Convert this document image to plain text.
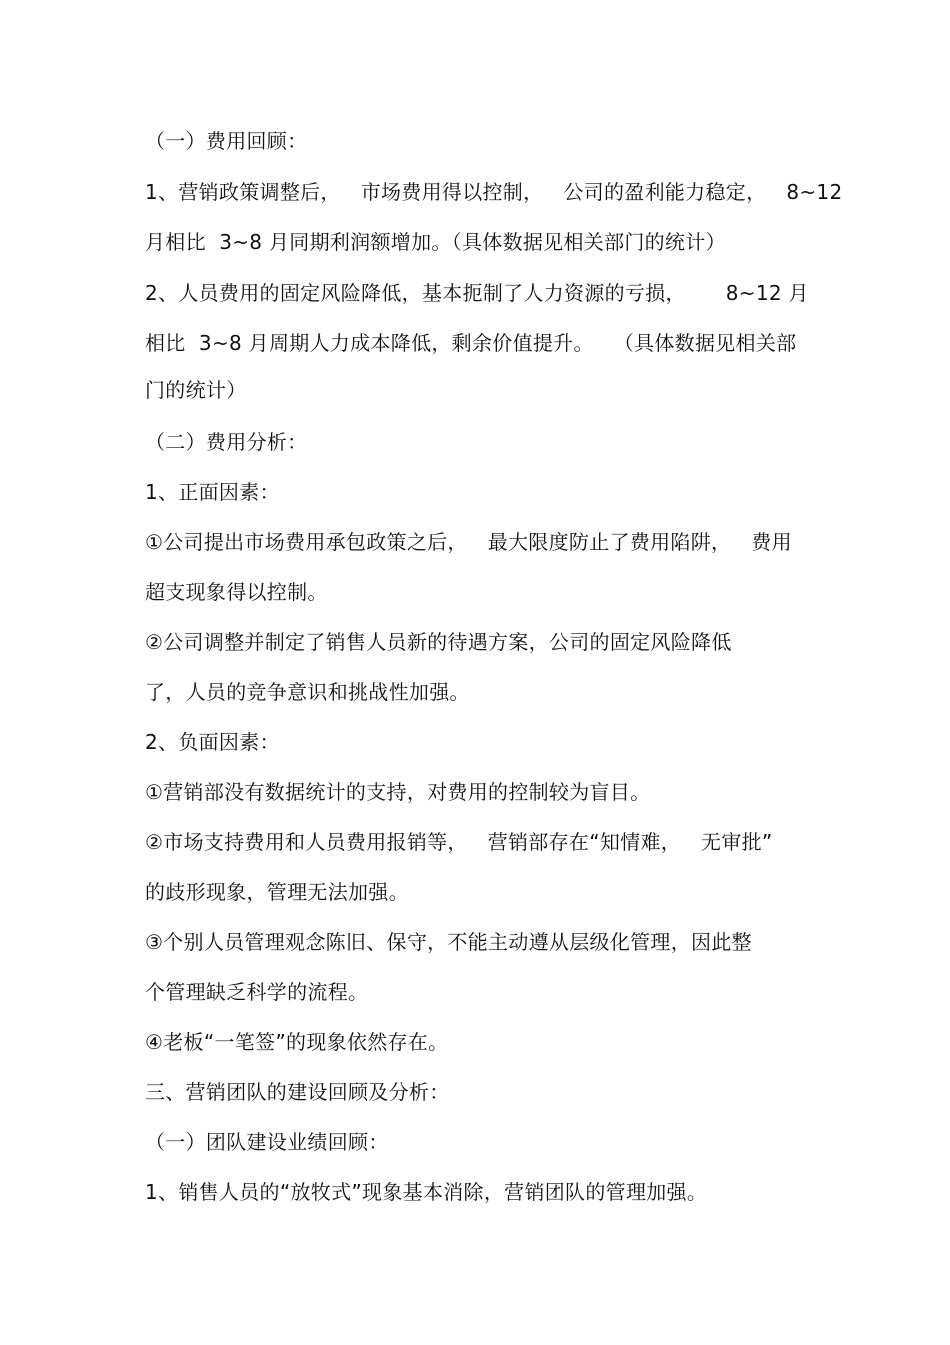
（一）费用回顾：
1、营销政策调整后，   市场费用得以控制，   公司的盈利能力稳定，   8~12
月相比  3~8 月同期利润额增加。（具体数据见相关部门的统计）
2、人员费用的固定风险降低，基本扼制了人力资源的亏损，      8~12 月
相比  3~8 月周期人力成本降低，剩余价值提升。   （具体数据见相关部
门的统计）
（二）费用分析：
1、正面因素：
①公司提出市场费用承包政策之后，   最大限度防止了费用陷阱，   费用
超支现象得以控制。
②公司调整并制定了销售人员新的待遇方案，公司的固定风险降低
了，人员的竞争意识和挑战性加强。
2、负面因素：
①营销部没有数据统计的支持，对费用的控制较为盲目。
②市场支持费用和人员费用报销等，   营销部存在“知情难，   无审批”
的歧形现象，管理无法加强。
③个别人员管理观念陈旧、保守，不能主动遵从层级化管理，因此整
个管理缺乏科学的流程。
④老板“一笔签”的现象依然存在。
三、营销团队的建设回顾及分析：
（一）团队建设业绩回顾：
1、销售人员的“放牧式”现象基本消除，营销团队的管理加强。
